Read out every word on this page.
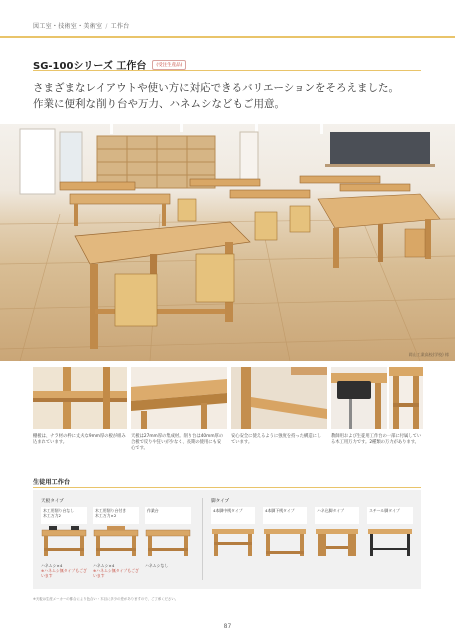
図工室・技術室・美術室 / 工作台
SG-100シリーズ 工作台	(受注生産品)
さまざまなレイアウトや使い方に対応できるバリエーションをそろえました。
作業に便利な削り台や万力、ハネムシなどもご用意。
岡山工業高校(学校) 様
棚板は、ナラ材の枠に丈夫な9mm厚の板が組み込まれています。
天板は27mm厚の集成材。削り台は40mm厚の合板で反りや狂いが少なく、長期の使用にも安心です。
安心安全に使えるように強度を持った構造にしています。
教師用および生徒用工作台の一部に付属している木工用万力です。2種類の万力があります。
生徒用工作台
天板タイプ	脚タイプ
木工用削り台なし
木工万力2
ハネムシ×4
※ハネムシ無タイプもございます
木工用削り台付き
木工万力×2
ハネムシ×4
※ハネムシ無タイプもございます
作業台
ハネムシなし
4本脚中桟タイプ	4本脚下桟タイプ	ハネ込脚タイプ	スチール脚タイプ
※天板は生産メーカーの都合により色合い・木目に多少の差がありますので、ご了承ください。
87
